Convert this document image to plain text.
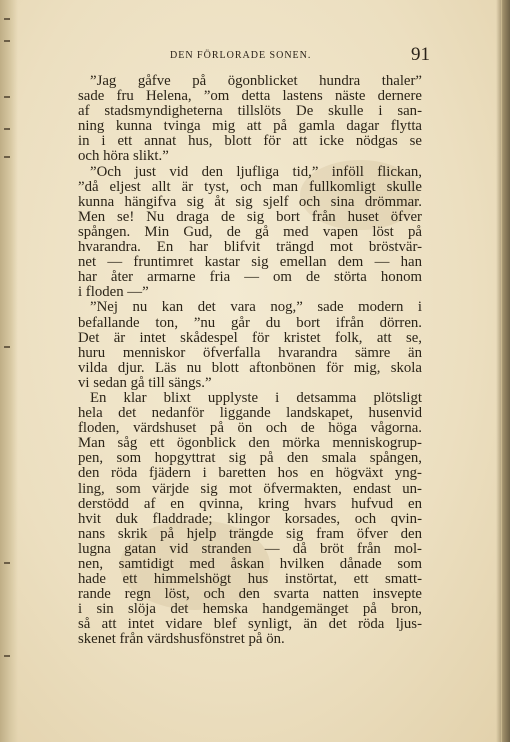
DEN FÖRLORADE SONEN.	91
”Jag gåfve på ögonblicket hundra thaler”
sade fru Helena, ”om detta lastens näste dernere
af stadsmyndigheterna tillslöts De skulle i san-
ning kunna tvinga mig att på gamla dagar flytta
in i ett annat hus, blott för att icke nödgas se
och höra slikt.”
”Och just vid den ljufliga tid,” inföll flickan,
”då eljest allt är tyst, och man fullkomligt skulle
kunna hängifva sig åt sig sjelf och sina drömmar.
Men se! Nu draga de sig bort från huset öfver
spången. Min Gud, de gå med vapen löst på
hvarandra. En har blifvit trängd mot bröstvär-
net — fruntimret kastar sig emellan dem — han
har åter armarne fria — om de störta honom
i floden —”
”Nej nu kan det vara nog,” sade modern i
befallande ton, ”nu går du bort ifrån dörren.
Det är intet skådespel för kristet folk, att se,
huru menniskor öfverfalla hvarandra sämre än
vilda djur. Läs nu blott aftonbönen för mig, skola
vi sedan gå till sängs.”
En klar blixt upplyste i detsamma plötsligt
hela det nedanför liggande landskapet, husenvid
floden, värdshuset på ön och de höga vågorna.
Man såg ett ögonblick den mörka menniskogrup-
pen, som hopgyttrat sig på den smala spången,
den röda fjädern i baretten hos en högväxt yng-
ling, som värjde sig mot öfvermakten, endast un-
derstödd af en qvinna, kring hvars hufvud en
hvit duk fladdrade; klingor korsades, och qvin-
nans skrik på hjelp trängde sig fram öfver den
lugna gatan vid stranden — då bröt från mol-
nen, samtidigt med åskan hvilken dånade som
hade ett himmelshögt hus instörtat, ett smatt-
rande regn löst, och den svarta natten insvepte
i sin slöja det hemska handgemänget på bron,
så att intet vidare blef synligt, än det röda ljus-
skenet från värdshusfönstret på ön.
